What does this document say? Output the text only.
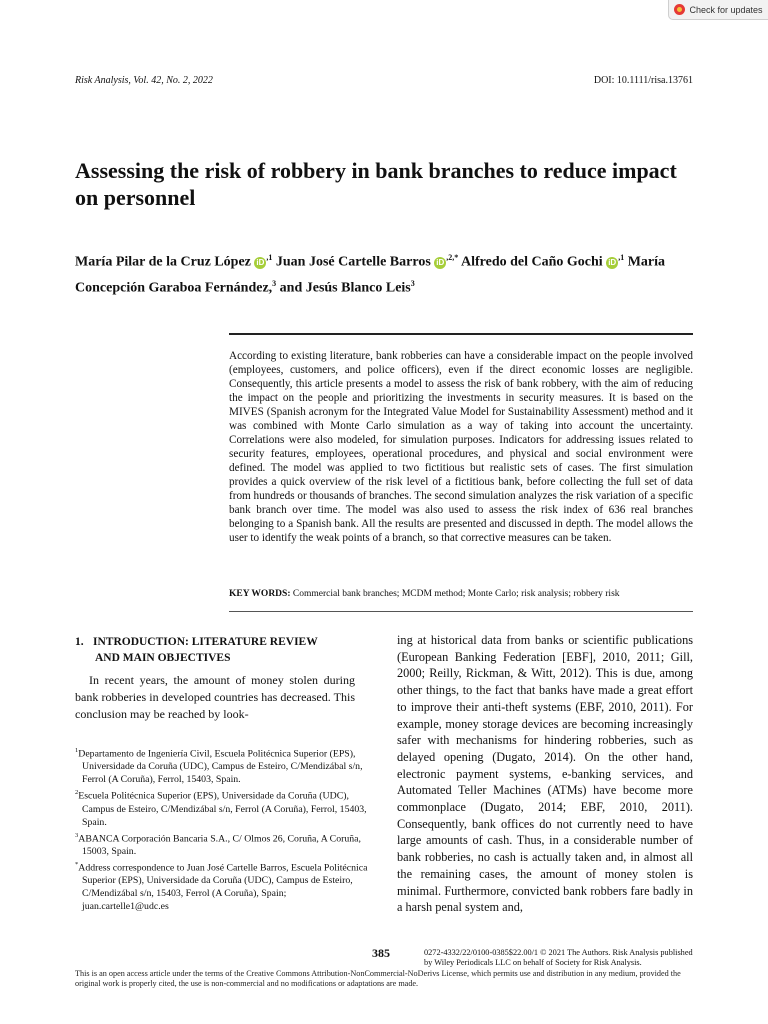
Check for updates
Risk Analysis, Vol. 42, No. 2, 2022	DOI: 10.1111/risa.13761
Assessing the risk of robbery in bank branches to reduce impact on personnel
María Pilar de la Cruz López $iD^{,1}$ Juan José Cartelle Barros $iD^{,2,*}$ Alfredo del Caño Gochi $iD^{,1}$ María Concepción Garaboa Fernández,$^3$ and Jesús Blanco Leis$^3$
According to existing literature, bank robberies can have a considerable impact on the people involved (employees, customers, and police officers), even if the direct economic losses are negligible. Consequently, this article presents a model to assess the risk of bank robbery, with the aim of reducing the impact on the people and prioritizing the investments in security measures. It is based on the MIVES (Spanish acronym for the Integrated Value Model for Sustainability Assessment) method and it was combined with Monte Carlo simulation as a way of taking into account the uncertainty. Correlations were also modeled, for simulation purposes. Indicators for addressing issues related to security features, employees, operational procedures, and physical and social environment were defined. The model was applied to two fictitious but realistic sets of cases. The first simulation provides a quick overview of the risk level of a fictitious bank, before collecting the full set of data from hundreds or thousands of branches. The second simulation analyzes the risk variation of a specific bank branch over time. The model was also used to assess the risk index of 636 real branches belonging to a Spanish bank. All the results are presented and discussed in depth. The model allows the user to identify the weak points of a branch, so that corrective measures can be taken.
KEY WORDS: Commercial bank branches; MCDM method; Monte Carlo; risk analysis; robbery risk
1. INTRODUCTION: LITERATURE REVIEW
AND MAIN OBJECTIVES
In recent years, the amount of money stolen during bank robberies in developed countries has decreased. This conclusion may be reached by look-

$^1$Departamento de Ingeniería Civil, Escuela Politécnica Superior (EPS), Universidade da Coruña (UDC), Campus de Esteiro, C/Mendizábal s/n, Ferrol (A Coruña), Ferrol, 15403, Spain.

$^2$Escuela Politécnica Superior (EPS), Universidade da Coruña (UDC), Campus de Esteiro, C/Mendizábal s/n, Ferrol (A Coruña), Ferrol, 15403, Spain.

$^3$ABANCA Corporación Bancaria S.A., C/ Olmos 26, Coruña, A Coruña, 15003, Spain.

*Address correspondence to Juan José Cartelle Barros, Escuela Politécnica Superior (EPS), Universidade da Coruña (UDC), Campus de Esteiro, C/Mendizábal s/n, 15403, Ferrol (A Coruña), Spain; juan.cartelle1@udc.es

ing at historical data from banks or scientific publications (European Banking Federation [EBF], 2010, 2011; Gill, 2000; Reilly, Rickman, & Witt, 2012). This is due, among other things, to the fact that banks have made a great effort to improve their anti-theft systems (EBF, 2010, 2011). For example, money storage devices are becoming increasingly safer with mechanisms for hindering robberies, such as delayed opening (Dugato, 2014). On the other hand, electronic payment systems, e-banking services, and Automated Teller Machines (ATMs) have become more commonplace (Dugato, 2014; EBF, 2010, 2011). Consequently, bank offices do not currently need to have large amounts of cash. Thus, in a considerable number of bank robberies, no cash is actually taken and, in almost all the remaining cases, the amount of money stolen is minimal. Furthermore, convicted bank robbers fare badly in a harsh penal system and,
385	0272-4332/22/0100-0385$22.00/1 © 2021 The Authors. Risk Analysis published by Wiley Periodicals LLC on behalf of Society for Risk Analysis.
This is an open access article under the terms of the Creative Commons Attribution-NonCommercial-NoDerivs License, which permits use and distribution in any medium, provided the original work is properly cited, the use is non-commercial and no modifications or adaptations are made.
